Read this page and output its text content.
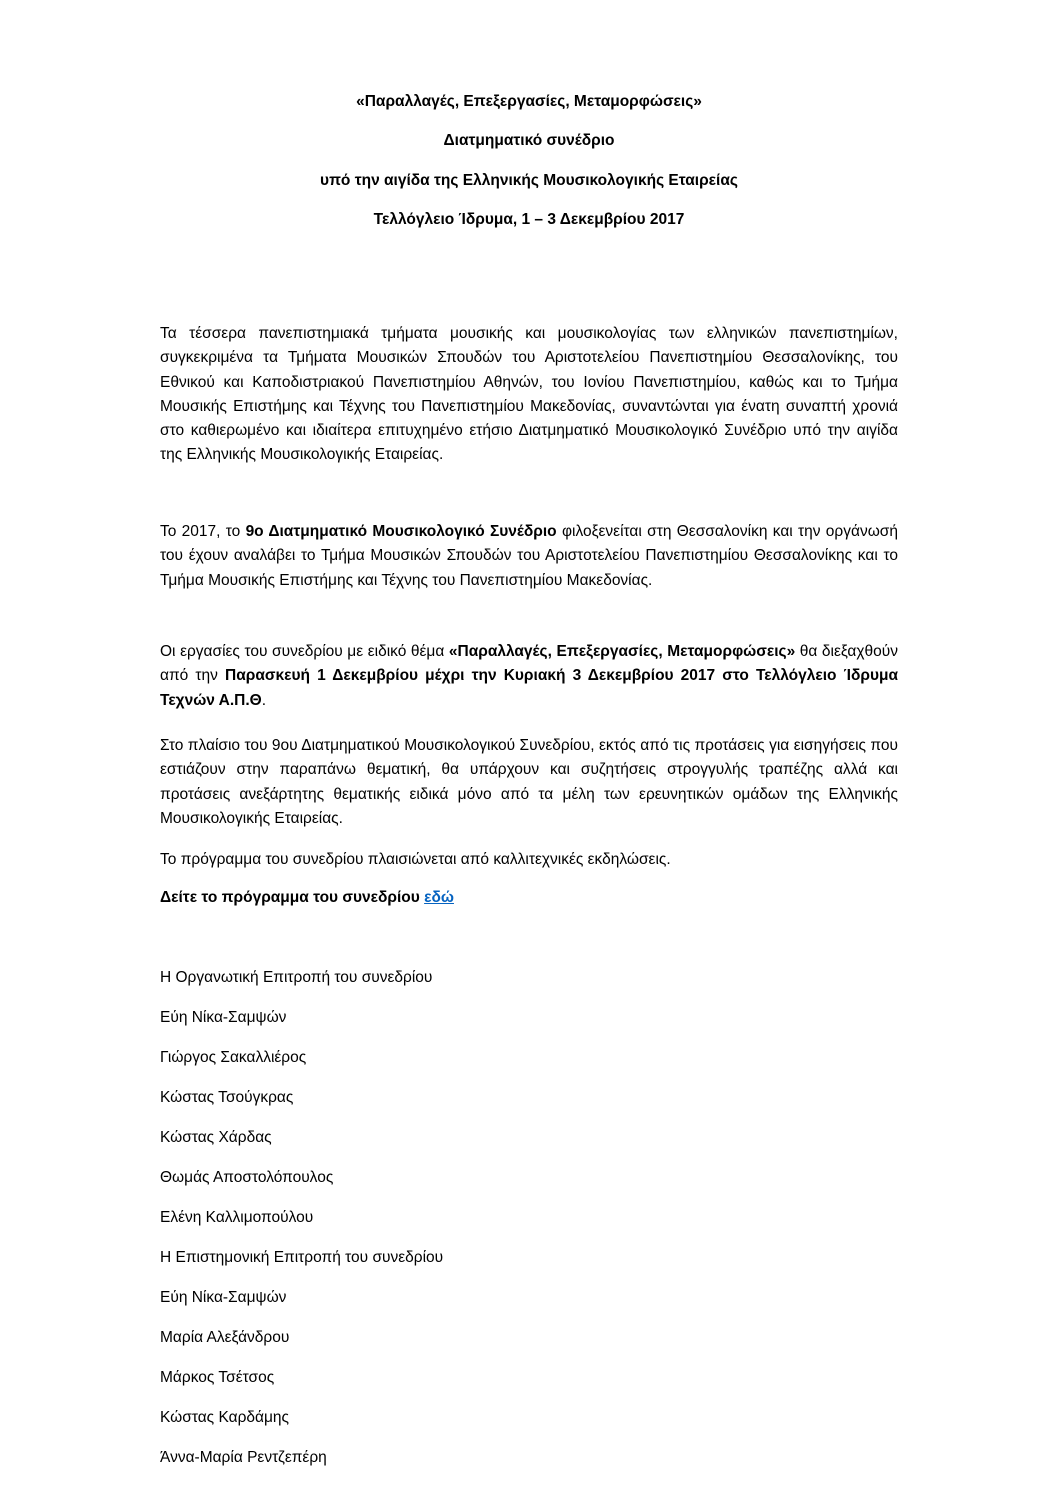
«Παραλλαγές, Επεξεργασίες, Μεταμορφώσεις»
Διατμηματικό συνέδριο
υπό την αιγίδα της Ελληνικής Μουσικολογικής Εταιρείας
Τελλόγλειο Ίδρυμα, 1 – 3 Δεκεμβρίου 2017

Τα τέσσερα πανεπιστημιακά τμήματα μουσικής και μουσικολογίας των ελληνικών πανεπιστημίων, συγκεκριμένα τα Τμήματα Μουσικών Σπουδών του Αριστοτελείου Πανεπιστημίου Θεσσαλονίκης, του Εθνικού και Καποδιστριακού Πανεπιστημίου Αθηνών, του Ιονίου Πανεπιστημίου, καθώς και το Τμήμα Μουσικής Επιστήμης και Τέχνης του Πανεπιστημίου Μακεδονίας, συναντώνται για ένατη συναπτή χρονιά στο καθιερωμένο και ιδιαίτερα επιτυχημένο ετήσιο Διατμηματικό Μουσικολογικό Συνέδριο υπό την αιγίδα της Ελληνικής Μουσικολογικής Εταιρείας.

Το 2017, το 9ο Διατμηματικό Μουσικολογικό Συνέδριο φιλοξενείται στη Θεσσαλονίκη και την οργάνωσή του έχουν αναλάβει το Τμήμα Μουσικών Σπουδών του Αριστοτελείου Πανεπιστημίου Θεσσαλονίκης και το Τμήμα Μουσικής Επιστήμης και Τέχνης του Πανεπιστημίου Μακεδονίας.

Οι εργασίες του συνεδρίου με ειδικό θέμα «Παραλλαγές, Επεξεργασίες, Μεταμορφώσεις» θα διεξαχθούν από την Παρασκευή 1 Δεκεμβρίου μέχρι την Κυριακή 3 Δεκεμβρίου 2017 στο Τελλόγλειο Ίδρυμα Τεχνών Α.Π.Θ.

Στο πλαίσιο του 9ου Διατμηματικού Μουσικολογικού Συνεδρίου, εκτός από τις προτάσεις για εισηγήσεις που εστιάζουν στην παραπάνω θεματική, θα υπάρχουν και συζητήσεις στρογγυλής τραπέζης αλλά και προτάσεις ανεξάρτητης θεματικής ειδικά μόνο από τα μέλη των ερευνητικών ομάδων της Ελληνικής Μουσικολογικής Εταιρείας.

Το πρόγραμμα του συνεδρίου πλαισιώνεται από καλλιτεχνικές εκδηλώσεις.

Δείτε το πρόγραμμα του συνεδρίου εδώ

Η Οργανωτική Επιτροπή του συνεδρίου

Εύη Νίκα-Σαμψών

Γιώργος Σακαλλιέρος

Κώστας Τσούγκρας

Κώστας Χάρδας

Θωμάς Αποστολόπουλος

Ελένη Καλλιμοπούλου

Η Επιστημονική Επιτροπή του συνεδρίου

Εύη Νίκα-Σαμψών

Μαρία Αλεξάνδρου

Μάρκος Τσέτσος

Κώστας Καρδάμης

Άννα-Μαρία Ρεντζεπέρη
